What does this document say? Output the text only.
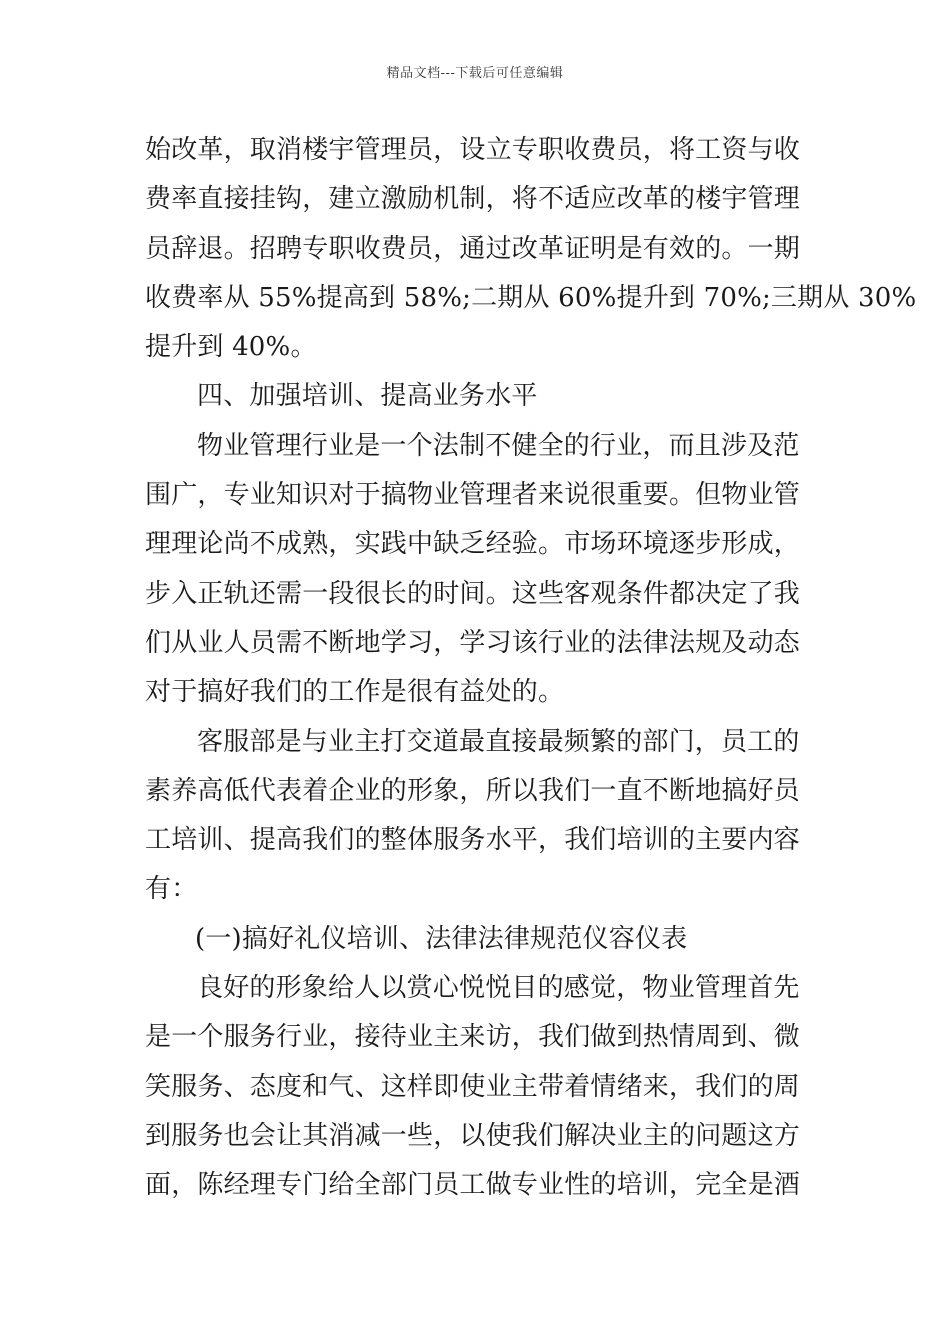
精品文档---下载后可任意编辑
始改革，取消楼宇管理员，设立专职收费员，将工资与收
费率直接挂钩，建立激励机制，将不适应改革的楼宇管理
员辞退。招聘专职收费员，通过改革证明是有效的。一期
收费率从 55%提高到 58%;二期从 60%提升到 70%;三期从 30%
提升到 40%。
四、加强培训、提高业务水平
物业管理行业是一个法制不健全的行业，而且涉及范
围广，专业知识对于搞物业管理者来说很重要。但物业管
理理论尚不成熟，实践中缺乏经验。市场环境逐步形成，
步入正轨还需一段很长的时间。这些客观条件都决定了我
们从业人员需不断地学习，学习该行业的法律法规及动态
对于搞好我们的工作是很有益处的。
客服部是与业主打交道最直接最频繁的部门，员工的
素养高低代表着企业的形象，所以我们一直不断地搞好员
工培训、提高我们的整体服务水平，我们培训的主要内容
有：
(一)搞好礼仪培训、法律法律规范仪容仪表
良好的形象给人以赏心悦悦目的感觉，物业管理首先
是一个服务行业，接待业主来访，我们做到热情周到、微
笑服务、态度和气、这样即使业主带着情绪来，我们的周
到服务也会让其消减一些，以使我们解决业主的问题这方
面，陈经理专门给全部门员工做专业性的培训，完全是酒
